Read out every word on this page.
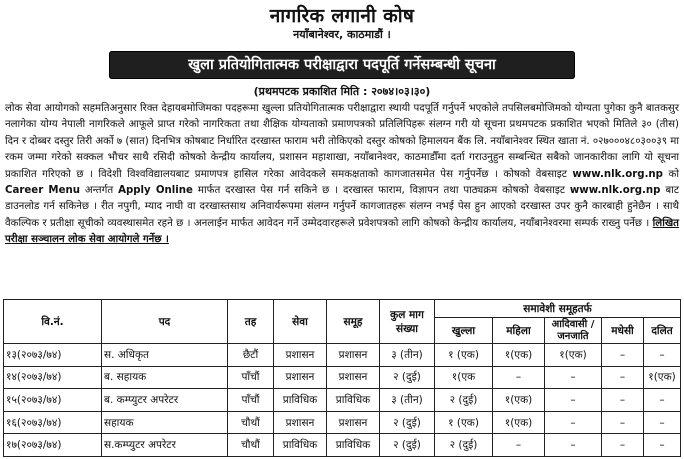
नागरिक लगानी कोष
नयाँबानेश्वर, काठमाडौं ।
खुला प्रतियोगितात्मक परीक्षाद्वारा पदपूर्ति गर्नेसम्बन्धी सूचना
(प्रथमपटक प्रकाशित मिति : २०७४।०३।३०)

लोक सेवा आयोगको सहमतिअनुसार रिक्त देहायबमोजिमका पदहरूमा खुल्ला प्रतियोगितात्मक परीक्षाद्वारा स्थायी पदपूर्ति गर्नुपर्ने भएकोले तपसिलबमोजिमको योग्यता पुगेका कुनै बातकसुर नलागेका योग्य नेपाली नागरिकले आफूले प्राप्त गरेको नागरिकता तथा शैक्षिक योग्यताको प्रमाणपत्रको प्रतिलिपिहरू संलग्न गरी यो सूचना प्रथमपटक प्रकाशित भएको मितिले ३० (तीस) दिन र दोब्बर दस्तुर तिरी अर्को ७ (सात) दिनभित्र कोषबाट निर्धारित दरखास्त फाराम भरी तोकिएको दस्तुर कोषको हिमालयन बैंक लि. नयाँबानेश्वर स्थित खाता नं. ०२७०००४८०३००३९ मा रकम जम्मा गरेको सक्कल भौचर साथै रसिदी कोषको केन्द्रीय कार्यालय, प्रशासन महाशाखा, नयाँबानेश्वर, काठमाडौँमा दर्ता गराउनुहुन सम्बन्धित सबैको जानकारीका लागि यो सूचना प्रकाशित गरिएको छ । विदेशी विश्वविद्यालयबाट प्रमाणपत्र हासिल गरेका आवेदकले समकक्षताको कागजातसमेत पेस गर्नुपर्नेछ । कोषको वेबसाइट www.nlk.org.np को Career Menu अन्तर्गत Apply Online मार्फत दरखास्त पेस गर्न सकिने छ । दरखास्त फाराम, विज्ञापन तथा पाठ्यक्रम कोषको वेबसाइट www.nlk.org.np बाट डाउनलोड गर्न सकिनेछ । रीत नपुगी, म्याद नाघी वा दरखास्तसाथ अनिवार्यरूपमा संलग्न गर्नुपर्ने कागजातहरू संलग्न नभई पेस हुन आएको दरखास्त उपर कुनै कारबाही हुनेछैन । साथै वैकल्पिक र प्रतीक्षा सूचीको व्यवस्थासमेत रहने छ । अनलाईन मार्फत आवेदन गर्ने उम्मेदवारहरूले प्रवेशपत्रको लागि कोषको केन्द्रीय कार्यालय, नयाँबानेश्वरमा सम्पर्क राख्नु पर्नेछ । लिखित परीक्षा सञ्चालन लोक सेवा आयोगले गर्नेछ ।

वि.नं.	पद	तह	सेवा	समूह	कुल माग संख्या	समावेशी समूहतर्फ				
						खुल्ला	महिला	आदिवासी / जनजाति	मधेसी	दलित
१३(२०७३/७४)	स. अधिकृत	छैटौं	प्रशासन	प्रशासन	३ (तीन)	१ (एक)	१(एक)	१(एक)	–	–
१४(२०७३/७४)	ब. सहायक	पाँचौं	प्रशासन	प्रशासन	२ (दुई)	१(एक	–	–	–	१(एक)
१५(२०७३/७४)	ब. कम्प्युटर अपरेटर	पाँचौं	प्राविधिक	प्राविधिक	३ (तीन)	२ (दुई)	१(एक)	–	–	–
१६(२०७३/७४)	सहायक	चौथौं	प्रशासन	प्रशासन	२ (दुई)	१ (एक)	१(एक)	–	–	–
१७(२०७३/७४)	स.कम्प्युटर अपरेटर	चौथौं	प्राविधिक	प्राविधिक	२ (दुई)	२ (दुई)	–	–	–	–
